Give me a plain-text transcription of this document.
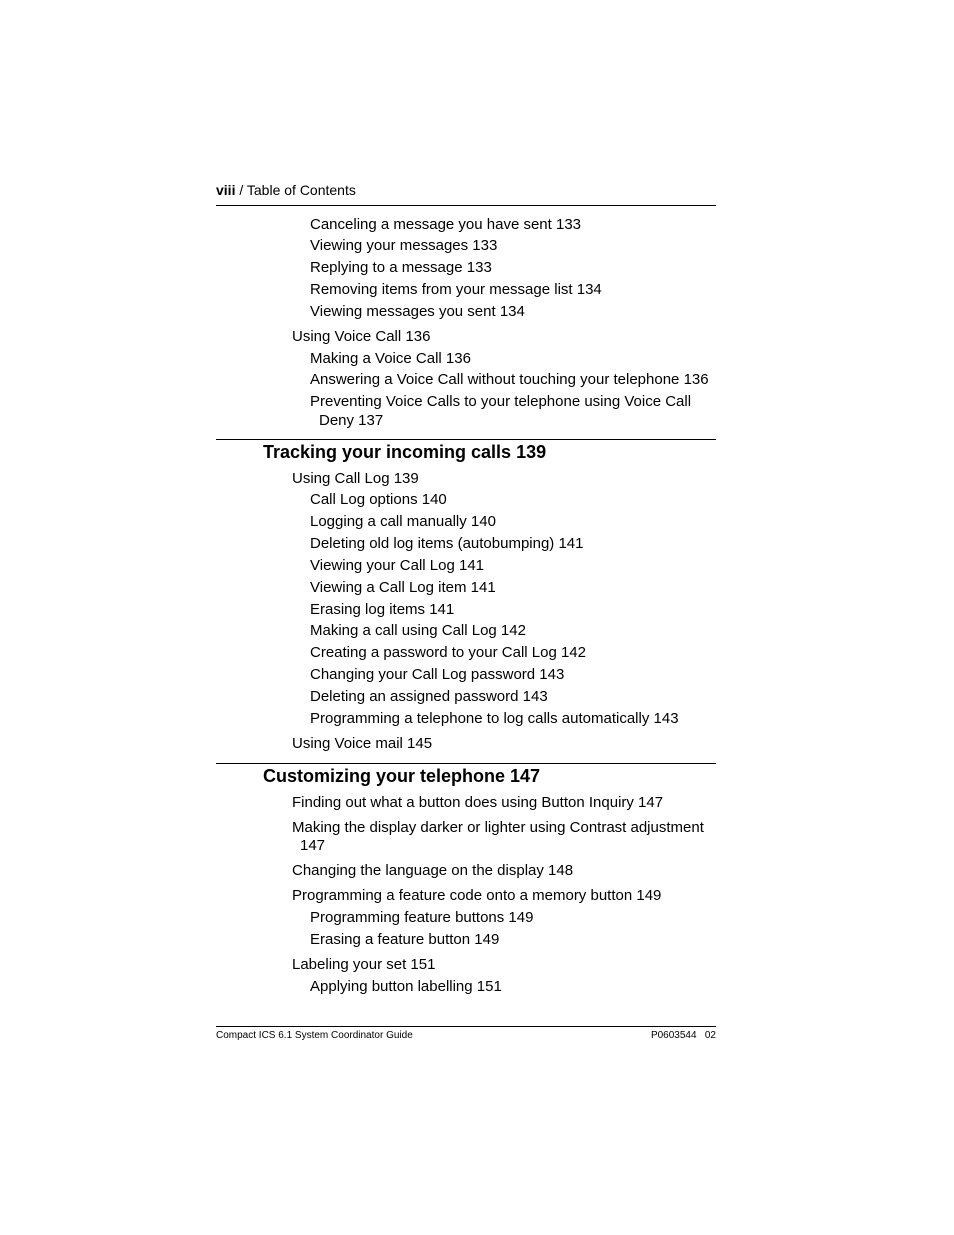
viii / Table of Contents
Canceling a message you have sent 133
Viewing your messages 133
Replying to a message 133
Removing items from your message list 134
Viewing messages you sent 134
Using Voice Call 136
Making a Voice Call 136
Answering a Voice Call without touching your telephone 136
Preventing Voice Calls to your telephone using Voice Call
Deny 137
Tracking your incoming calls 139
Using Call Log 139
Call Log options 140
Logging a call manually 140
Deleting old log items (autobumping) 141
Viewing your Call Log 141
Viewing a Call Log item 141
Erasing log items 141
Making a call using Call Log 142
Creating a password to your Call Log 142
Changing your Call Log password 143
Deleting an assigned password 143
Programming a telephone to log calls automatically 143
Using Voice mail 145
Customizing your telephone 147
Finding out what a button does using Button Inquiry 147
Making the display darker or lighter using Contrast adjustment
147
Changing the language on the display 148
Programming a feature code onto a memory button 149
Programming feature buttons 149
Erasing a feature button 149
Labeling your set 151
Applying button labelling 151
Compact ICS 6.1 System Coordinator Guide	P0603544   02
